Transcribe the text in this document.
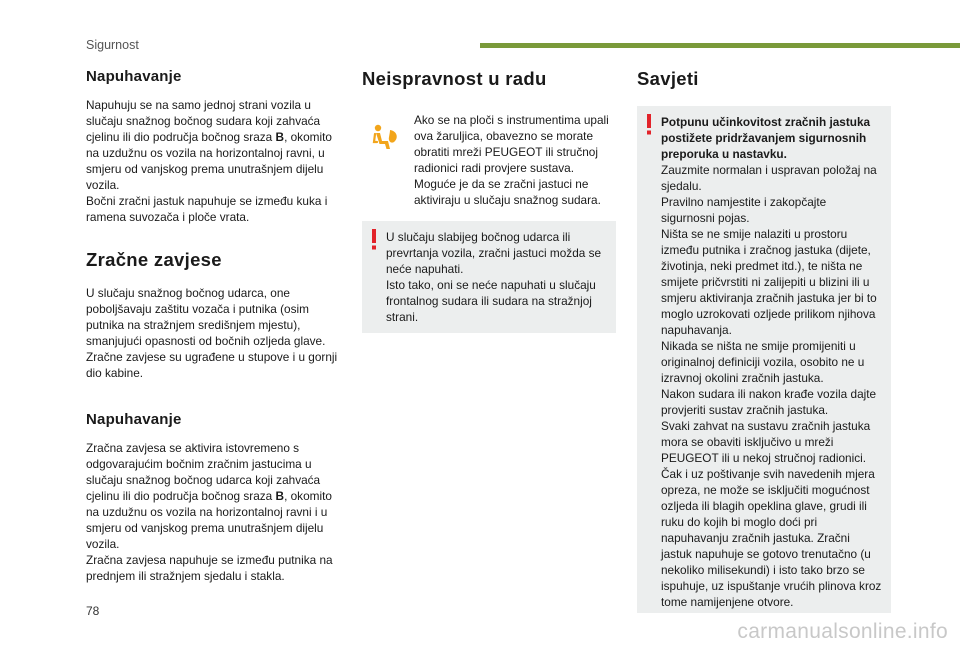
Sigurnost
Napuhavanje

Napuhuju se na samo jednoj strani vozila u slučaju snažnog bočnog sudara koji zahvaća cjelinu ili dio područja bočnog sraza B, okomito na uzdužnu os vozila na horizontalnoj ravni, u smjeru od vanjskog prema unutrašnjem dijelu vozila.
Bočni zračni jastuk napuhuje se između kuka i ramena suvozača i ploče vrata.

Zračne zavjese

U slučaju snažnog bočnog udarca, one poboljšavaju zaštitu vozača i putnika (osim putnika na stražnjem središnjem mjestu), smanjujući opasnosti od bočnih ozljeda glave.
Zračne zavjese su ugrađene u stupove i u gornji dio kabine.

Napuhavanje

Zračna zavjesa se aktivira istovremeno s odgovarajućim bočnim zračnim jastucima u slučaju snažnog bočnog udarca koji zahvaća cjelinu ili dio područja bočnog sraza B, okomito na uzdužnu os vozila na horizontalnoj ravni i u smjeru od vanjskog prema unutrašnjem dijelu vozila.
Zračna zavjesa napuhuje se između putnika na prednjem ili stražnjem sjedalu i stakla.

Neispravnost u radu

Ako se na ploči s instrumentima upali ova žaruljica, obavezno se morate obratiti mreži PEUGEOT ili stručnoj radionici radi provjere sustava.
Moguće je da se zračni jastuci ne aktiviraju u slučaju snažnog sudara.

U slučaju slabijeg bočnog udarca ili prevrtanja vozila, zračni jastuci možda se neće napuhati.
Isto tako, oni se neće napuhati u slučaju frontalnog sudara ili sudara na stražnjoj strani.

Savjeti

Potpunu učinkovitost zračnih jastuka postižete pridržavanjem sigurnosnih preporuka u nastavku.

Zauzmite normalan i uspravan položaj na sjedalu.
Pravilno namjestite i zakopčajte sigurnosni pojas.
Ništa se ne smije nalaziti u prostoru između putnika i zračnog jastuka (dijete, životinja, neki predmet itd.), te ništa ne smijete pričvrstiti ni zalijepiti u blizini ili u smjeru aktiviranja zračnih jastuka jer bi to moglo uzrokovati ozljede prilikom njihova napuhavanja.
Nikada se ništa ne smije promijeniti u originalnoj definiciji vozila, osobito ne u izravnoj okolini zračnih jastuka.
Nakon sudara ili nakon krađe vozila dajte provjeriti sustav zračnih jastuka.
Svaki zahvat na sustavu zračnih jastuka mora se obaviti isključivo u mreži PEUGEOT ili u nekoj stručnoj radionici.
Čak i uz poštivanje svih navedenih mjera opreza, ne može se isključiti mogućnost ozljeda ili blagih opeklina glave, grudi ili ruku do kojih bi moglo doći pri napuhavanju zračnih jastuka. Zračni jastuk napuhuje se gotovo trenutačno (u nekoliko milisekundi) i isto tako brzo se ispuhuje, uz ispuštanje vrućih plinova kroz tome namijenjene otvore.

78
carmanualsonline.info
